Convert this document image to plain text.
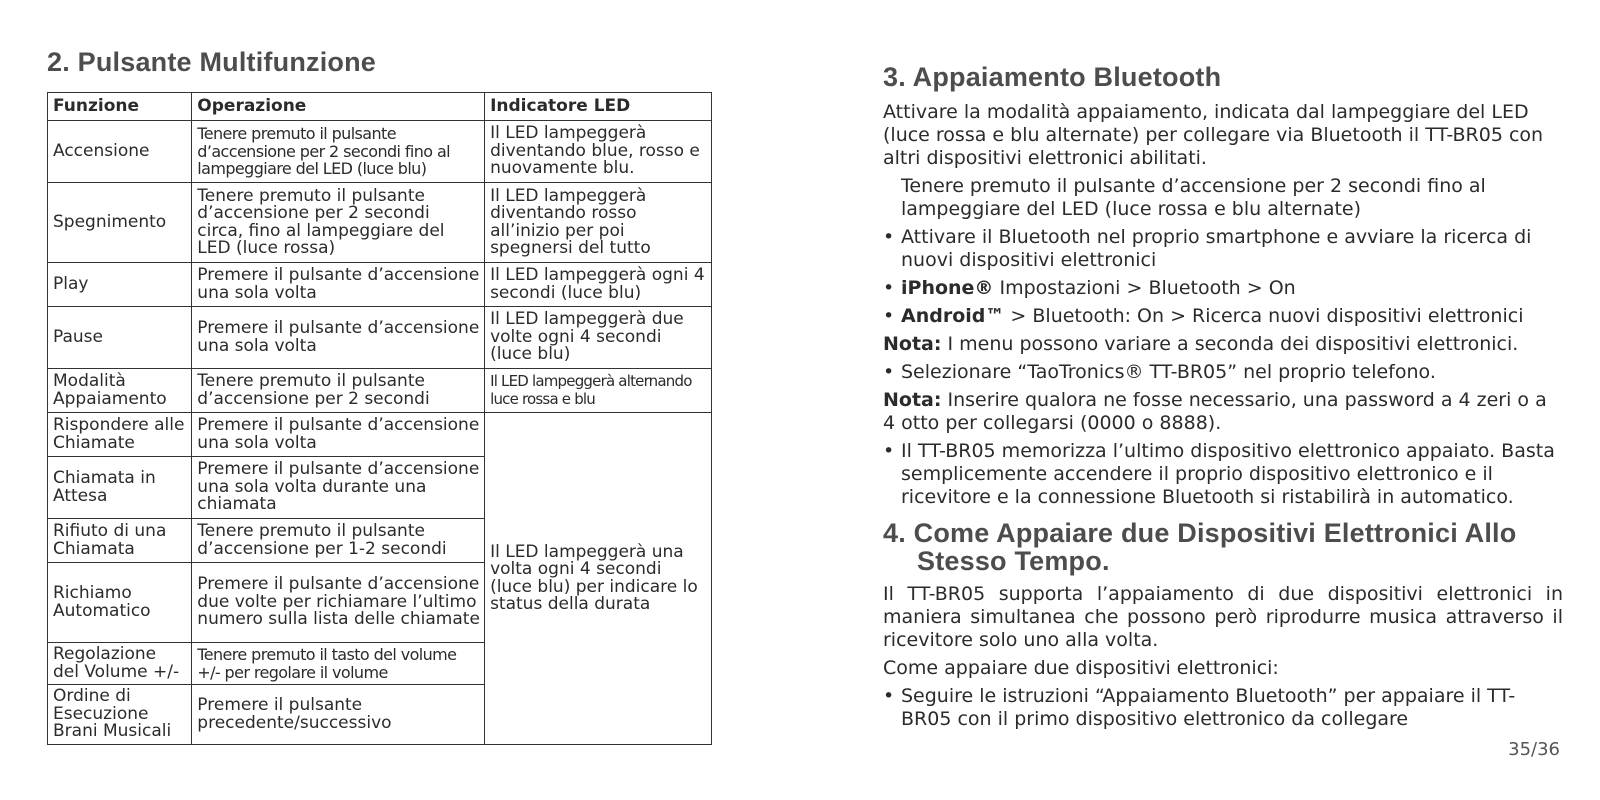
2. Pulsante Multifunzione
Funzione	Operazione	Indicatore LED
Accensione	Tenere premuto il pulsante d’accensione per 2 secondi fino al lampeggiare del LED (luce blu)	Il LED lampeggerà diventando blue, rosso e nuovamente blu.
Spegnimento	Tenere premuto il pulsante d’accensione per 2 secondi circa, fino al lampeggiare del LED (luce rossa)	Il LED lampeggerà diventando rosso all’inizio per poi spegnersi del tutto
Play	Premere il pulsante d’accensione una sola volta	Il LED lampeggerà ogni 4 secondi (luce blu)
Pause	Premere il pulsante d’accensione una sola volta	Il LED lampeggerà due volte ogni 4 secondi (luce blu)
Modalità Appaiamento	Tenere premuto il pulsante d’accensione per 2 secondi	Il LED lampeggerà alternando luce rossa e blu
Rispondere alle Chiamate	Premere il pulsante d’accensione una sola volta	Il LED lampeggerà una volta ogni 4 secondi (luce blu) per indicare lo status della durata
Chiamata in Attesa	Premere il pulsante d’accensione una sola volta durante una chiamata	
Rifiuto di una Chiamata	Tenere premuto il pulsante d’accensione per 1-2 secondi	
Richiamo Automatico	Premere il pulsante d’accensione due volte per richiamare l’ultimo numero sulla lista delle chiamate	
Regolazione del Volume +/-	Tenere premuto il tasto del volume +/- per regolare il volume	
Ordine di Esecuzione Brani Musicali	Premere il pulsante precedente/successivo	
3. Appaiamento Bluetooth

Attivare la modalità appaiamento, indicata dal lampeggiare del LED (luce rossa e blu alternate) per collegare via Bluetooth il TT-BR05 con altri dispositivi elettronici abilitati.

Tenere premuto il pulsante d’accensione per 2 secondi fino al lampeggiare del LED (luce rossa e blu alternate)
• Attivare il Bluetooth nel proprio smartphone e avviare la ricerca di nuovi dispositivi elettronici
• iPhone® Impostazioni > Bluetooth > On
• Android™ > Bluetooth: On > Ricerca nuovi dispositivi elettronici

Nota: I menu possono variare a seconda dei dispositivi elettronici.

• Selezionare “TaoTronics® TT-BR05” nel proprio telefono.

Nota: Inserire qualora ne fosse necessario, una password a 4 zeri o a 4 otto per collegarsi (0000 o 8888).

• Il TT-BR05 memorizza l’ultimo dispositivo elettronico appaiato. Basta semplicemente accendere il proprio dispositivo elettronico e il ricevitore e la connessione Bluetooth si ristabilirà in automatico.
4. Come Appaiare due Dispositivi Elettronici Allo
Stesso Tempo.

Il TT-BR05 supporta l’appaiamento di due dispositivi elettronici in maniera simultanea che possono però riprodurre musica attraverso il ricevitore solo uno alla volta.

Come appaiare due dispositivi elettronici:

• Seguire le istruzioni “Appaiamento Bluetooth” per appaiare il TT-BR05 con il primo dispositivo elettronico da collegare
35/36
